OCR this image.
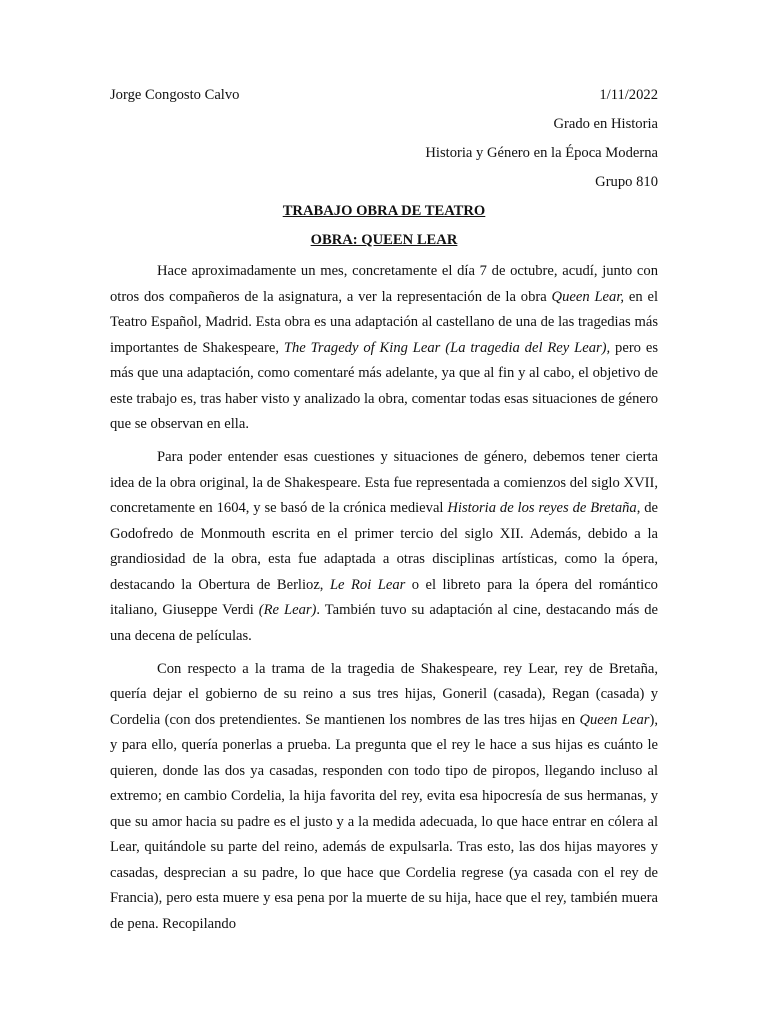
Jorge Congosto Calvo	1/11/2022
Grado en Historia
Historia y Género en la Época Moderna
Grupo 810
TRABAJO OBRA DE TEATRO
OBRA: QUEEN LEAR

Hace aproximadamente un mes, concretamente el día 7 de octubre, acudí, junto con otros dos compañeros de la asignatura, a ver la representación de la obra Queen Lear, en el Teatro Español, Madrid. Esta obra es una adaptación al castellano de una de las tragedias más importantes de Shakespeare, The Tragedy of King Lear (La tragedia del Rey Lear), pero es más que una adaptación, como comentaré más adelante, ya que al fin y al cabo, el objetivo de este trabajo es, tras haber visto y analizado la obra, comentar todas esas situaciones de género que se observan en ella.

Para poder entender esas cuestiones y situaciones de género, debemos tener cierta idea de la obra original, la de Shakespeare. Esta fue representada a comienzos del siglo XVII, concretamente en 1604, y se basó de la crónica medieval Historia de los reyes de Bretaña, de Godofredo de Monmouth escrita en el primer tercio del siglo XII. Además, debido a la grandiosidad de la obra, esta fue adaptada a otras disciplinas artísticas, como la ópera, destacando la Obertura de Berlioz, Le Roi Lear o el libreto para la ópera del romántico italiano, Giuseppe Verdi (Re Lear). También tuvo su adaptación al cine, destacando más de una decena de películas.

Con respecto a la trama de la tragedia de Shakespeare, rey Lear, rey de Bretaña, quería dejar el gobierno de su reino a sus tres hijas, Goneril (casada), Regan (casada) y Cordelia (con dos pretendientes. Se mantienen los nombres de las tres hijas en Queen Lear), y para ello, quería ponerlas a prueba. La pregunta que el rey le hace a sus hijas es cuánto le quieren, donde las dos ya casadas, responden con todo tipo de piropos, llegando incluso al extremo; en cambio Cordelia, la hija favorita del rey, evita esa hipocresía de sus hermanas, y que su amor hacia su padre es el justo y a la medida adecuada, lo que hace entrar en cólera al Lear, quitándole su parte del reino, además de expulsarla. Tras esto, las dos hijas mayores y casadas, desprecian a su padre, lo que hace que Cordelia regrese (ya casada con el rey de Francia), pero esta muere y esa pena por la muerte de su hija, hace que el rey, también muera de pena. Recopilando
